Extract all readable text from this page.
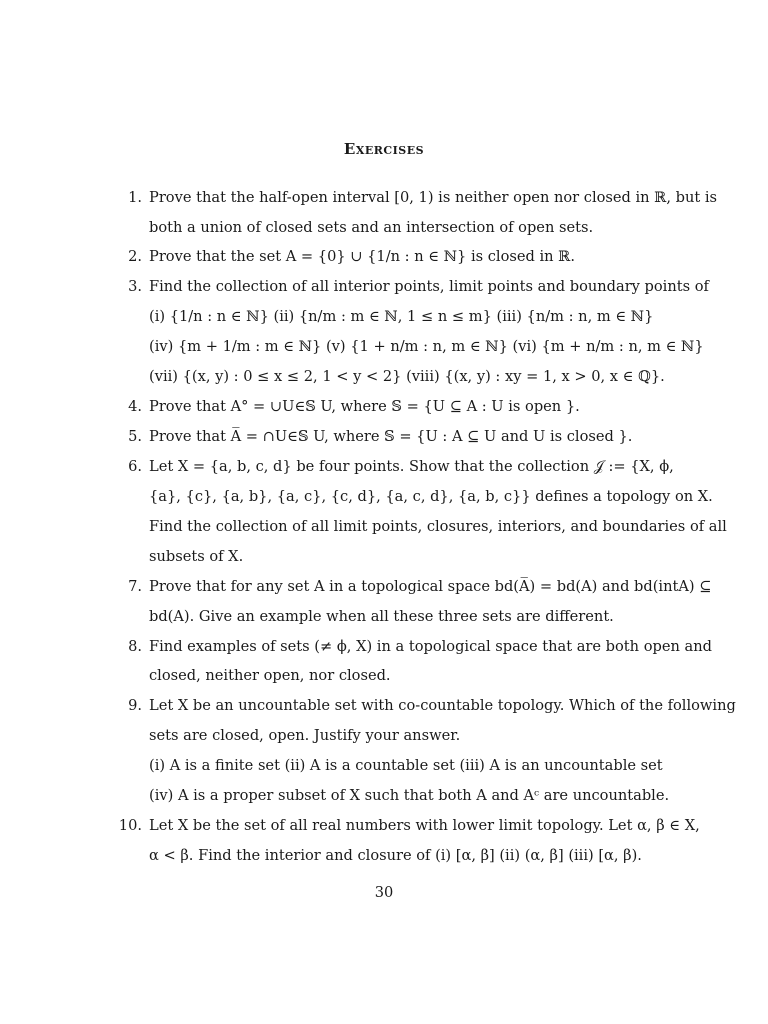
Exercises
1. Prove that the half-open interval [0, 1) is neither open nor closed in ℝ, but is
both a union of closed sets and an intersection of open sets.
2. Prove that the set A = {0} ∪ {1/n : n ∈ ℕ} is closed in ℝ.
3. Find the collection of all interior points, limit points and boundary points of
(i) {1/n : n ∈ ℕ} (ii) {n/m : m ∈ ℕ, 1 ≤ n ≤ m} (iii) {n/m : n, m ∈ ℕ}
(iv) {m + 1/m : m ∈ ℕ} (v) {1 + n/m : n, m ∈ ℕ} (vi) {m + n/m : n, m ∈ ℕ}
(vii) {(x, y) : 0 ≤ x ≤ 2, 1 < y < 2} (viii) {(x, y) : xy = 1, x > 0, x ∈ ℚ}.
4. Prove that A° = ∪U∈𝕊 U, where 𝕊 = {U ⊆ A : U is open }.
5. Prove that A̅ = ∩U∈𝕊 U, where 𝕊 = {U : A ⊆ U and U is closed }.
6. Let X = {a, b, c, d} be four points. Show that the collection 𝒥 := {X, ϕ,
{a}, {c}, {a, b}, {a, c}, {c, d}, {a, c, d}, {a, b, c}} defines a topology on X.
Find the collection of all limit points, closures, interiors, and boundaries of all
subsets of X.
7. Prove that for any set A in a topological space bd(A̅) = bd(A) and bd(intA) ⊆
bd(A). Give an example when all these three sets are different.
8. Find examples of sets (≠ ϕ, X) in a topological space that are both open and
closed, neither open, nor closed.
9. Let X be an uncountable set with co-countable topology. Which of the following
sets are closed, open. Justify your answer.
(i) A is a finite set (ii) A is a countable set (iii) A is an uncountable set
(iv) A is a proper subset of X such that both A and Aᶜ are uncountable.
10. Let X be the set of all real numbers with lower limit topology. Let α, β ∈ X,
α < β. Find the interior and closure of (i) [α, β] (ii) (α, β] (iii) [α, β).
30
